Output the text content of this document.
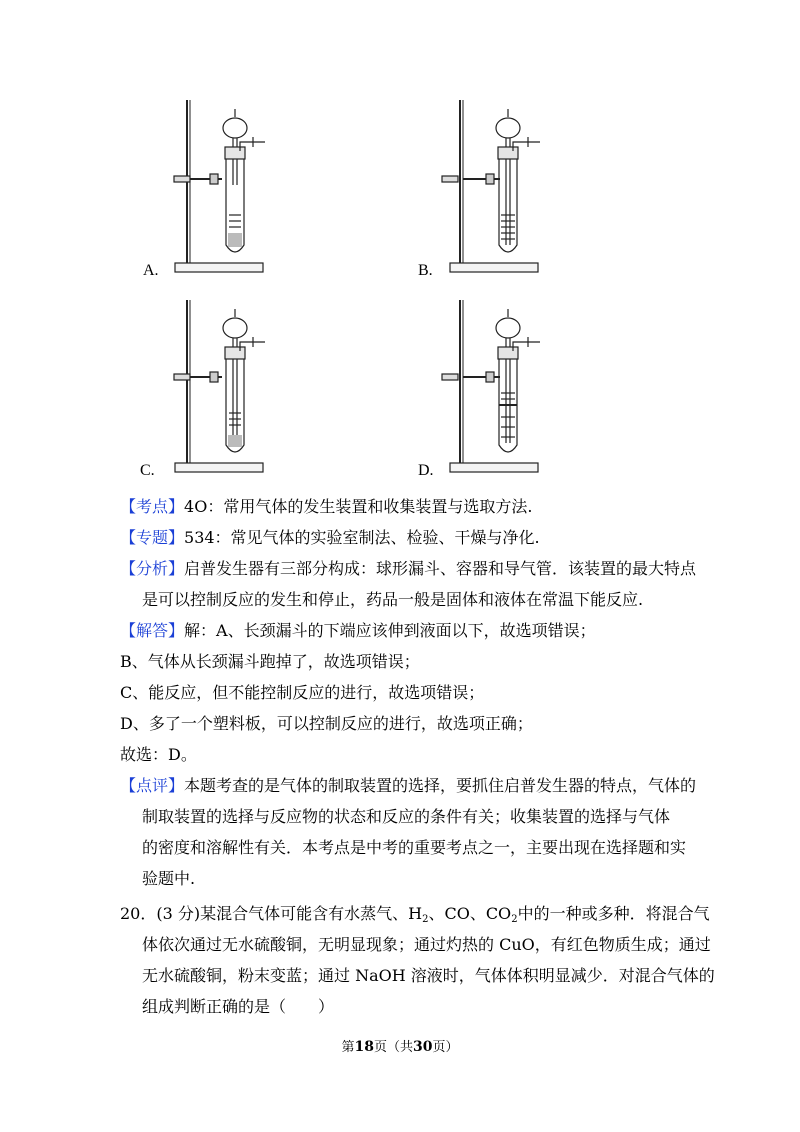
A.	B.
C.	D.
【考点】4O：常用气体的发生装置和收集装置与选取方法.
【专题】534：常见气体的实验室制法、检验、干燥与净化.
【分析】启普发生器有三部分构成：球形漏斗、容器和导气管．该装置的最大特点
是可以控制反应的发生和停止，药品一般是固体和液体在常温下能反应.
【解答】解：A、长颈漏斗的下端应该伸到液面以下，故选项错误；
B、气体从长颈漏斗跑掉了，故选项错误；
C、能反应，但不能控制反应的进行，故选项错误；
D、多了一个塑料板，可以控制反应的进行，故选项正确；
故选：D。
【点评】本题考查的是气体的制取装置的选择，要抓住启普发生器的特点，气体的
制取装置的选择与反应物的状态和反应的条件有关；收集装置的选择与气体
的密度和溶解性有关．本考点是中考的重要考点之一，主要出现在选择题和实
验题中.
20．(3 分)某混合气体可能含有水蒸气、$H_2$、CO、$CO_2$中的一种或多种．将混合气
体依次通过无水硫酸铜，无明显现象；通过灼热的 CuO，有红色物质生成；通过
无水硫酸铜，粉末变蓝；通过 NaOH 溶液时，气体体积明显减少．对混合气体的
组成判断正确的是（　　）
第18页（共30页）
